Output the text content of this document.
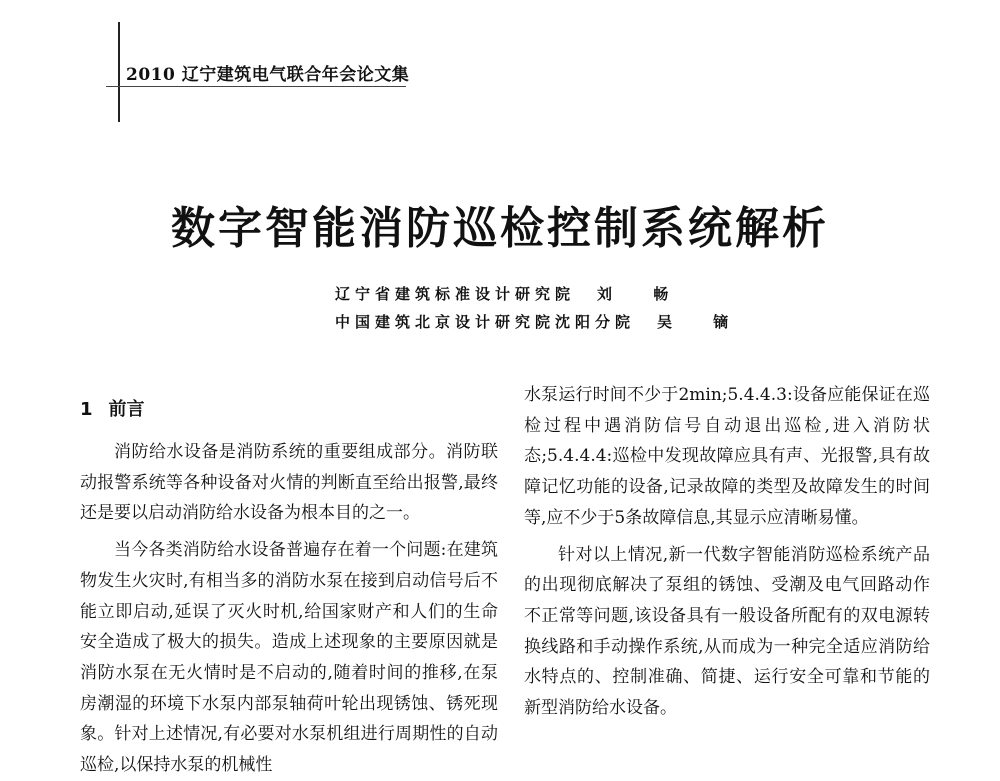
2010 辽宁建筑电气联合年会论文集
数字智能消防巡检控制系统解析
辽宁省建筑标准设计研究院 刘 畅
中国建筑北京设计研究院沈阳分院 吴 镝
1 前言

消防给水设备是消防系统的重要组成部分。消防联动报警系统等各种设备对火情的判断直至给出报警,最终还是要以启动消防给水设备为根本目的之一。

当今各类消防给水设备普遍存在着一个问题:在建筑物发生火灾时,有相当多的消防水泵在接到启动信号后不能立即启动,延误了灭火时机,给国家财产和人们的生命安全造成了极大的损失。造成上述现象的主要原因就是消防水泵在无火情时是不启动的,随着时间的推移,在泵房潮湿的环境下水泵内部泵轴荷叶轮出现锈蚀、锈死现象。针对上述情况,有必要对水泵机组进行周期性的自动巡检,以保持水泵的机械性

水泵运行时间不少于2min;5.4.4.3:设备应能保证在巡检过程中遇消防信号自动退出巡检,进入消防状态;5.4.4.4:巡检中发现故障应具有声、光报警,具有故障记忆功能的设备,记录故障的类型及故障发生的时间等,应不少于5条故障信息,其显示应清晰易懂。

针对以上情况,新一代数字智能消防巡检系统产品的出现彻底解决了泵组的锈蚀、受潮及电气回路动作不正常等问题,该设备具有一般设备所配有的双电源转换线路和手动操作系统,从而成为一种完全适应消防给水特点的、控制准确、简捷、运行安全可靠和节能的新型消防给水设备。
